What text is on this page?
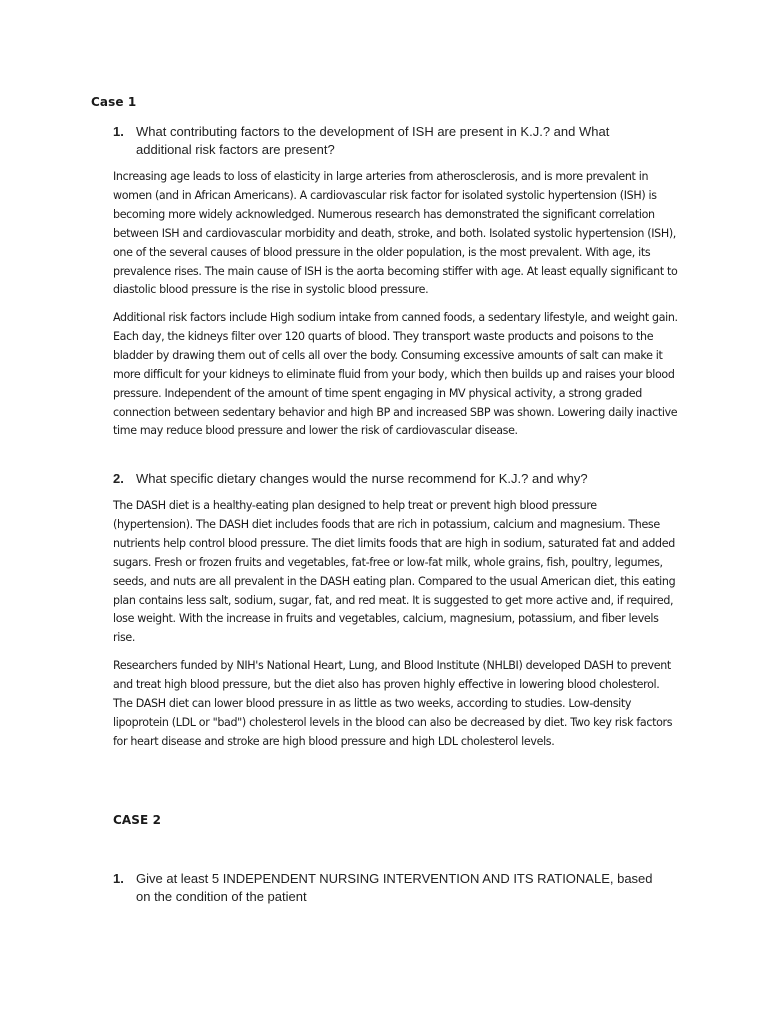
Case 1
1. What contributing factors to the development of ISH are present in K.J.? and What additional risk factors are present?

Increasing age leads to loss of elasticity in large arteries from atherosclerosis, and is more prevalent in women (and in African Americans). A cardiovascular risk factor for isolated systolic hypertension (ISH) is becoming more widely acknowledged. Numerous research has demonstrated the significant correlation between ISH and cardiovascular morbidity and death, stroke, and both. Isolated systolic hypertension (ISH), one of the several causes of blood pressure in the older population, is the most prevalent. With age, its prevalence rises. The main cause of ISH is the aorta becoming stiffer with age. At least equally significant to diastolic blood pressure is the rise in systolic blood pressure.

Additional risk factors include High sodium intake from canned foods, a sedentary lifestyle, and weight gain. Each day, the kidneys filter over 120 quarts of blood. They transport waste products and poisons to the bladder by drawing them out of cells all over the body. Consuming excessive amounts of salt can make it more difficult for your kidneys to eliminate fluid from your body, which then builds up and raises your blood pressure. Independent of the amount of time spent engaging in MV physical activity, a strong graded connection between sedentary behavior and high BP and increased SBP was shown. Lowering daily inactive time may reduce blood pressure and lower the risk of cardiovascular disease.

2. What specific dietary changes would the nurse recommend for K.J.? and why?

The DASH diet is a healthy-eating plan designed to help treat or prevent high blood pressure (hypertension). The DASH diet includes foods that are rich in potassium, calcium and magnesium. These nutrients help control blood pressure. The diet limits foods that are high in sodium, saturated fat and added sugars. Fresh or frozen fruits and vegetables, fat-free or low-fat milk, whole grains, fish, poultry, legumes, seeds, and nuts are all prevalent in the DASH eating plan. Compared to the usual American diet, this eating plan contains less salt, sodium, sugar, fat, and red meat. It is suggested to get more active and, if required, lose weight. With the increase in fruits and vegetables, calcium, magnesium, potassium, and fiber levels rise.

Researchers funded by NIH's National Heart, Lung, and Blood Institute (NHLBI) developed DASH to prevent and treat high blood pressure, but the diet also has proven highly effective in lowering blood cholesterol. The DASH diet can lower blood pressure in as little as two weeks, according to studies. Low-density lipoprotein (LDL or "bad") cholesterol levels in the blood can also be decreased by diet. Two key risk factors for heart disease and stroke are high blood pressure and high LDL cholesterol levels.

CASE 2
1. Give at least 5 INDEPENDENT NURSING INTERVENTION AND ITS RATIONALE, based on the condition of the patient
